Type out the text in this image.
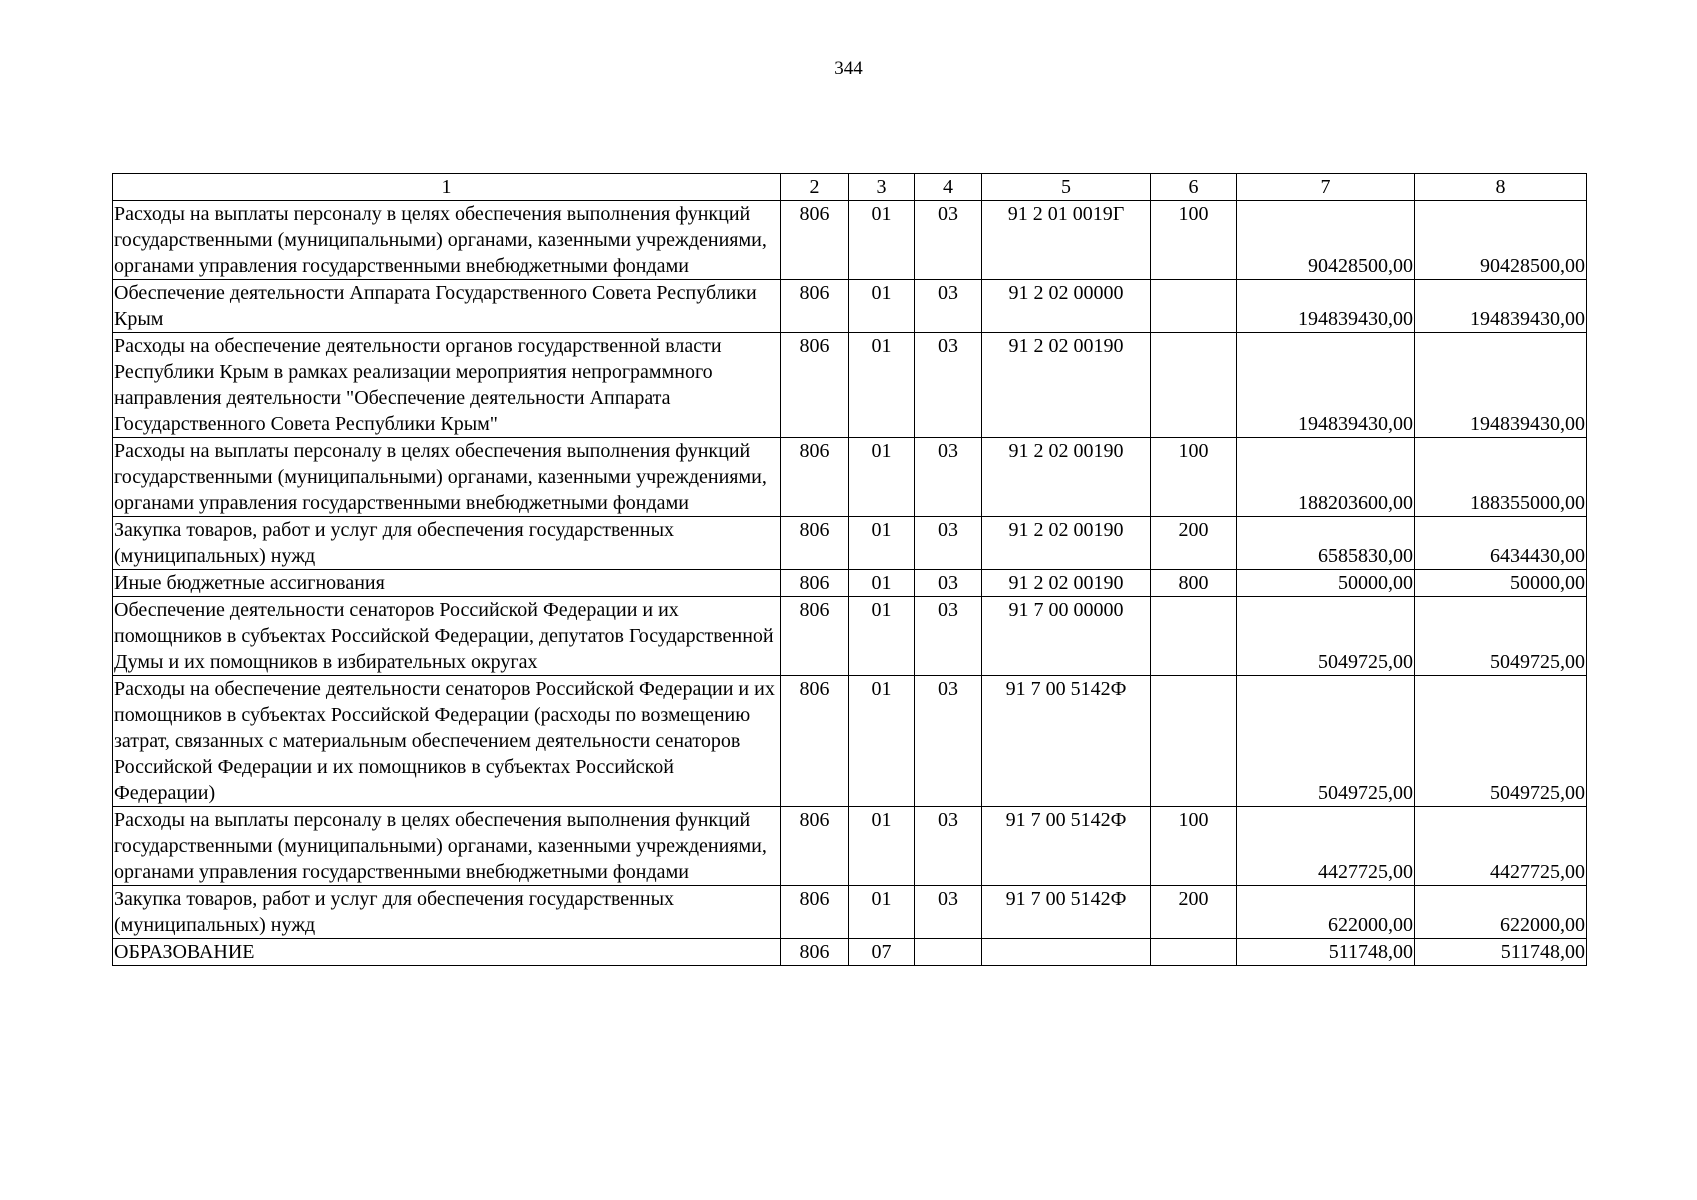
344
1	2	3	4	5	6	7	8
Расходы на выплаты персоналу в целях обеспечения выполнения функций государственными (муниципальными) органами, казенными учреждениями, органами управления государственными внебюджетными фондами	806	01	03	91 2 01 0019Г	100	90428500,00	90428500,00
Обеспечение деятельности Аппарата Государственного Совета Республики Крым	806	01	03	91 2 02 00000		194839430,00	194839430,00
Расходы на обеспечение деятельности органов государственной власти Республики Крым в рамках реализации мероприятия непрограммного направления деятельности "Обеспечение деятельности Аппарата Государственного Совета Республики Крым"	806	01	03	91 2 02 00190		194839430,00	194839430,00
Расходы на выплаты персоналу в целях обеспечения выполнения функций государственными (муниципальными) органами, казенными учреждениями, органами управления государственными внебюджетными фондами	806	01	03	91 2 02 00190	100	188203600,00	188355000,00
Закупка товаров, работ и услуг для обеспечения государственных (муниципальных) нужд	806	01	03	91 2 02 00190	200	6585830,00	6434430,00
Иные бюджетные ассигнования	806	01	03	91 2 02 00190	800	50000,00	50000,00
Обеспечение деятельности сенаторов Российской Федерации и их помощников в субъектах Российской Федерации, депутатов Государственной Думы и их помощников в избирательных округах	806	01	03	91 7 00 00000		5049725,00	5049725,00
Расходы на обеспечение деятельности сенаторов Российской Федерации и их помощников в субъектах Российской Федерации (расходы по возмещению затрат, связанных с материальным обеспечением деятельности сенаторов Российской Федерации и их помощников в субъектах Российской Федерации)	806	01	03	91 7 00 5142Ф		5049725,00	5049725,00
Расходы на выплаты персоналу в целях обеспечения выполнения функций государственными (муниципальными) органами, казенными учреждениями, органами управления государственными внебюджетными фондами	806	01	03	91 7 00 5142Ф	100	4427725,00	4427725,00
Закупка товаров, работ и услуг для обеспечения государственных (муниципальных) нужд	806	01	03	91 7 00 5142Ф	200	622000,00	622000,00
ОБРАЗОВАНИЕ	806	07				511748,00	511748,00
